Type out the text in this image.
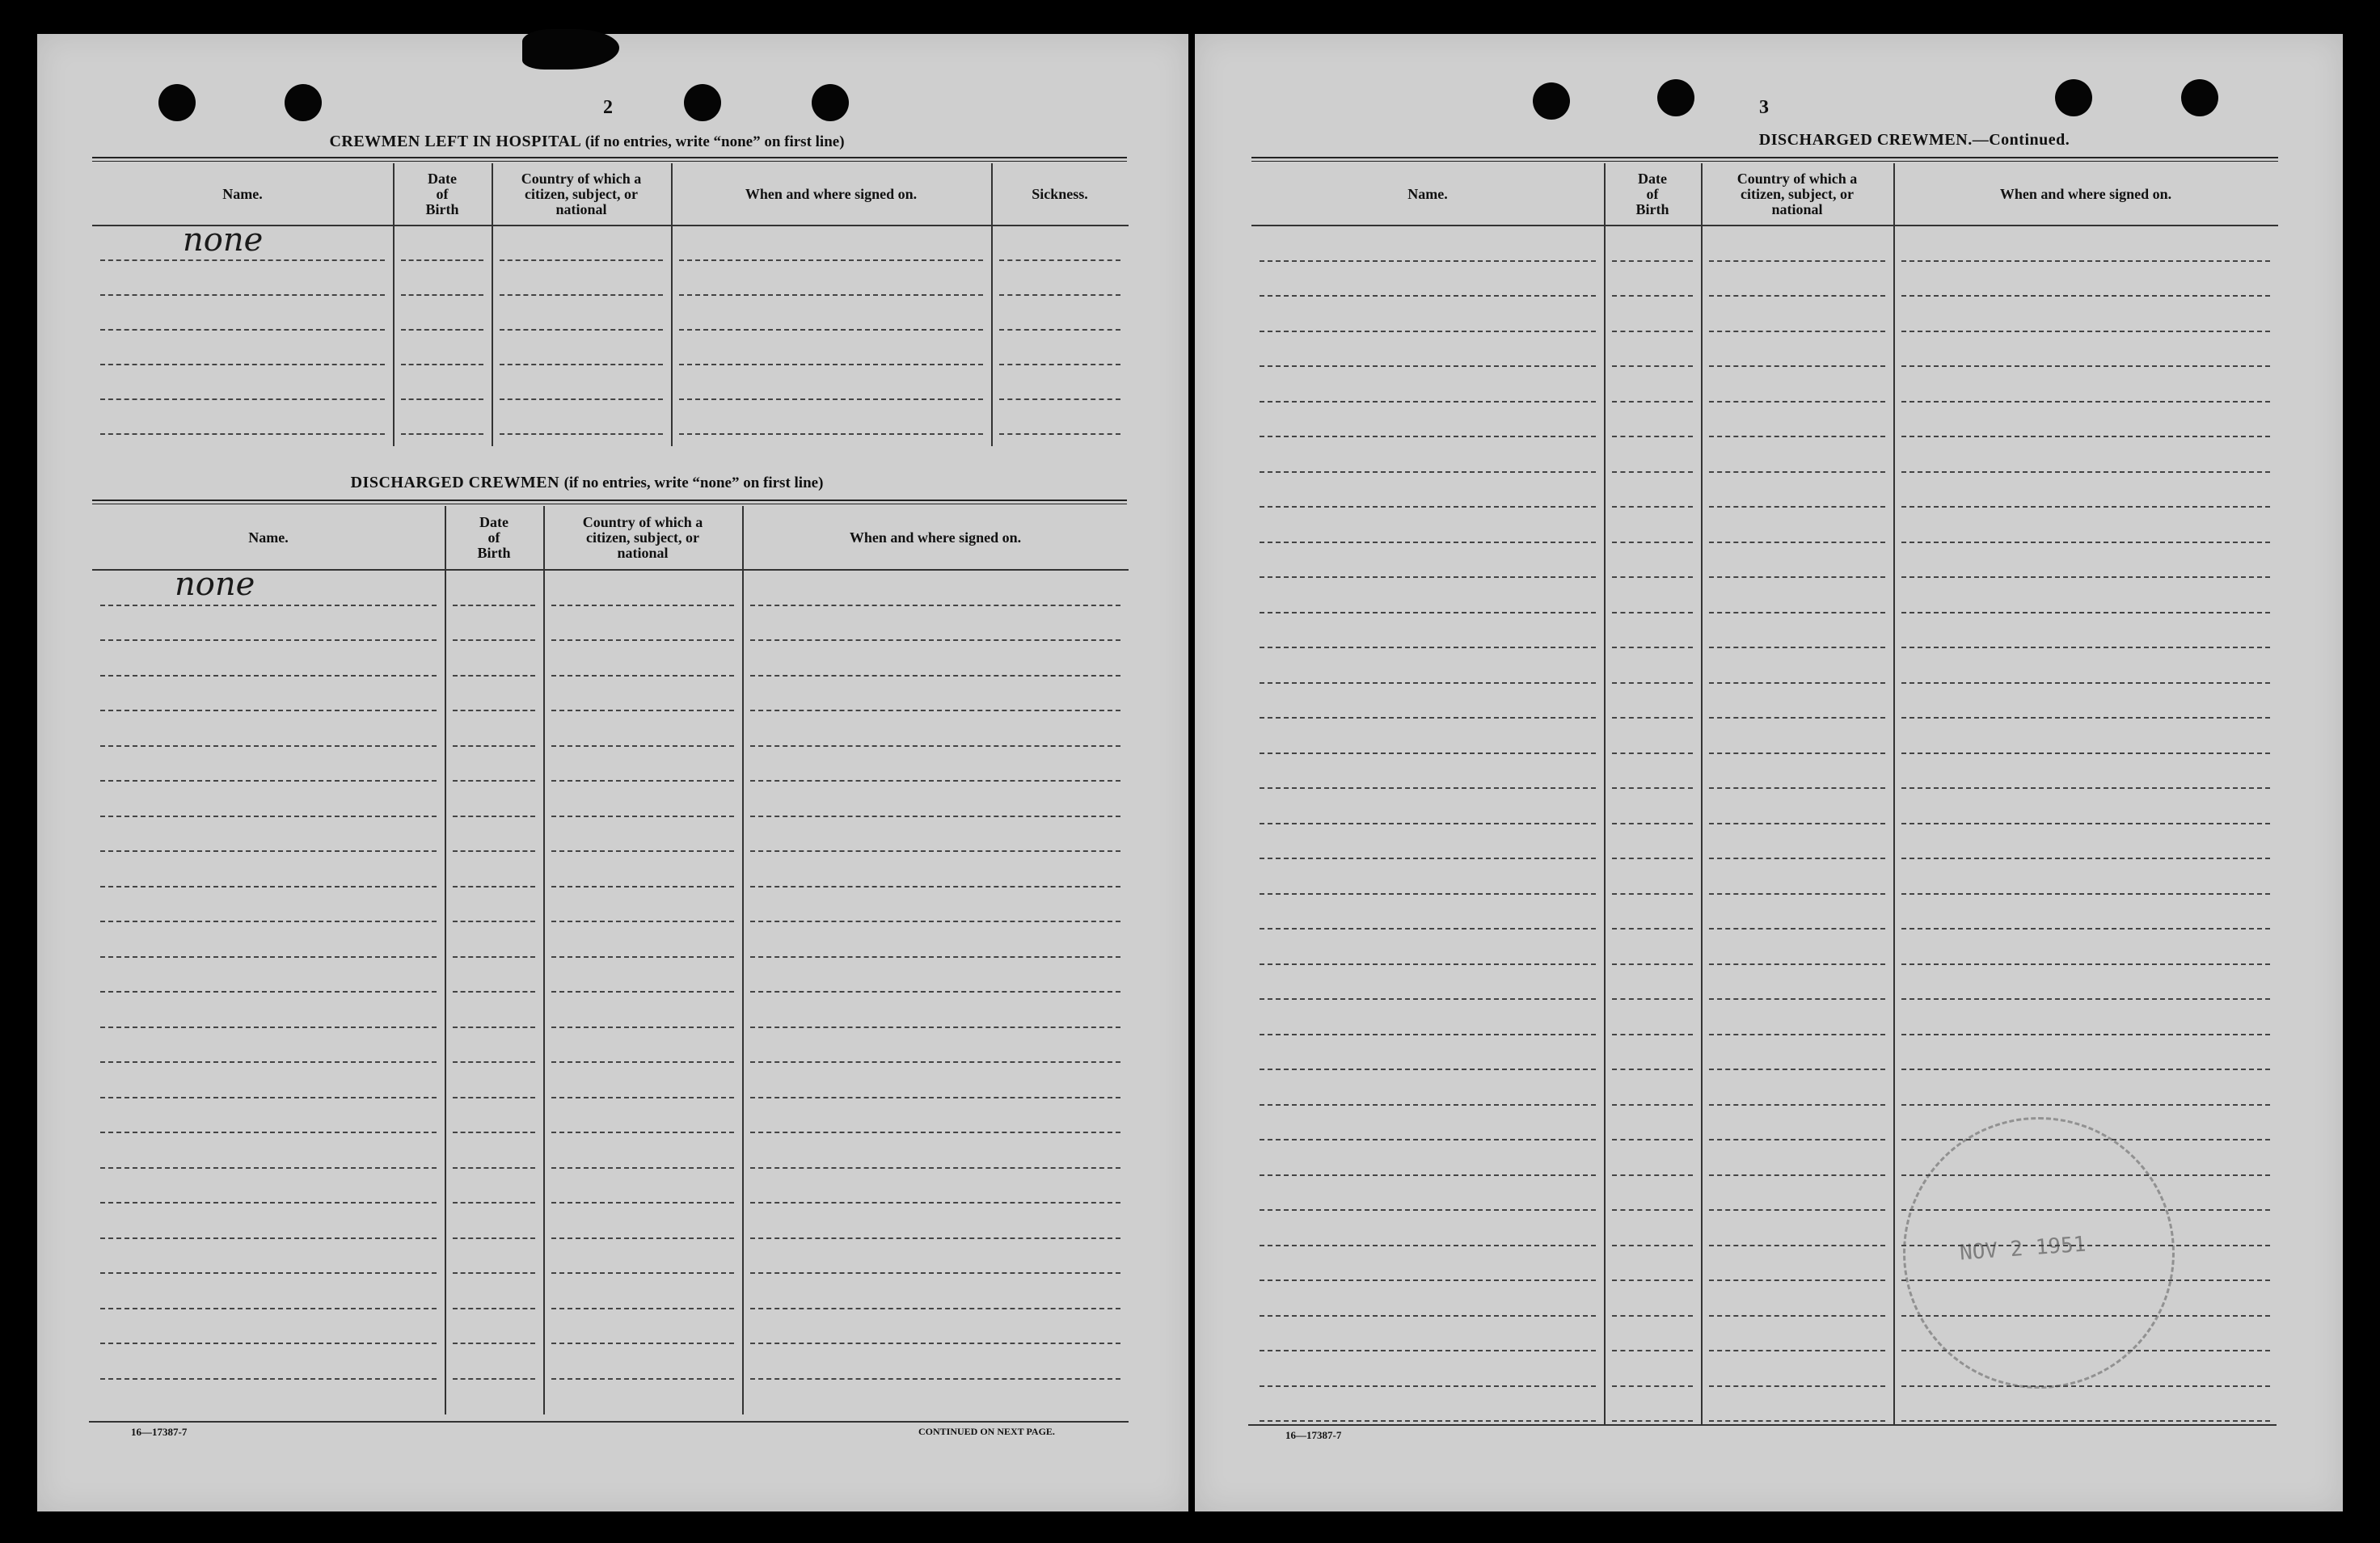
2
CREWMEN LEFT IN HOSPITAL (if no entries, write “none” on first line)
Name.
Date
of
Birth
Country of which a
citizen, subject, or
national
When and where signed on.	Sickness.
none
DISCHARGED CREWMEN (if no entries, write “none” on first line)
Name.
Date
of
Birth
Country of which a
citizen, subject, or
national
When and where signed on.
none
16—17387-7	CONTINUED ON NEXT PAGE.
3
DISCHARGED CREWMEN.—Continued.
Name.
Date
of
Birth
Country of which a
citizen, subject, or
national
When and where signed on.
NOV 2 1951
16—17387-7
